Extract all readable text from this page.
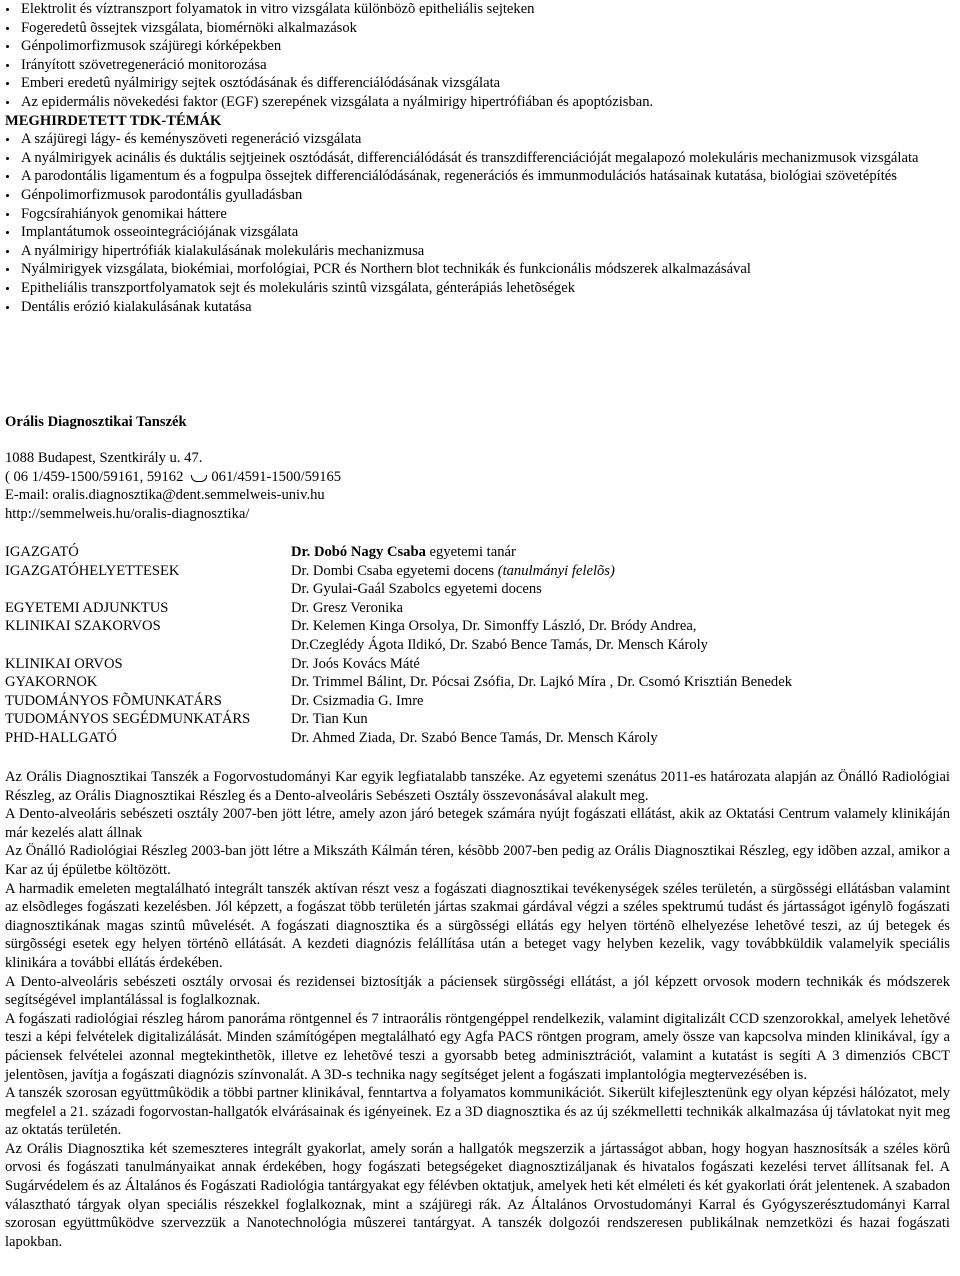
Elektrolit és víztranszport folyamatok in vitro vizsgálata különbözõ epitheliális sejteken
Fogeredetû õssejtek vizsgálata, biomérnöki alkalmazások
Génpolimorfizmusok szájüregi kórképekben
Irányított szövetregeneráció monitorozása
Emberi eredetû nyálmirigy sejtek osztódásának és differenciálódásának vizsgálata
Az epidermális növekedési faktor (EGF) szerepének vizsgálata a nyálmirigy hipertrófiában és apoptózisban.
MEGHIRDETETT TDK-TÉMÁK
A szájüregi lágy- és keményszöveti regeneráció vizsgálata
A nyálmirigyek acinális és duktális sejtjeinek osztódását, differenciálódását és transzdifferenciációját megalapozó molekuláris mechanizmusok vizsgálata
A parodontális ligamentum és a fogpulpa õssejtek differenciálódásának, regenerációs és immunmodulációs hatásainak kutatása, biológiai szövetépítés
Génpolimorfizmusok parodontális gyulladásban
Fogcsírahiányok genomikai háttere
Implantátumok osseointegrációjának vizsgálata
A nyálmirigy hipertrófiák kialakulásának molekuláris mechanizmusa
Nyálmirigyek vizsgálata, biokémiai, morfológiai, PCR és Northern blot technikák és funkcionális módszerek alkalmazásával
Epitheliális transzportfolyamatok sejt és molekuláris szintû vizsgálata, génterápiás lehetõségek
Dentális erózió kialakulásának kutatása
Orális Diagnosztikai Tanszék
1088 Budapest, Szentkirály u. 47.
( 06 1/459-1500/59161, 59162 061/4591-1500/59165
E-mail: oralis.diagnosztika@dent.semmelweis-univ.hu
http://semmelweis.hu/oralis-diagnosztika/
IGAZGATÓ	Dr. Dobó Nagy Csaba egyetemi tanár
IGAZGATÓHELYETTESEK	Dr. Dombi Csaba egyetemi docens (tanulmányi felelõs)
Dr. Gyulai-Gaál Szabolcs egyetemi docens
EGYETEMI ADJUNKTUS	Dr. Gresz Veronika
KLINIKAI SZAKORVOS	Dr. Kelemen Kinga Orsolya, Dr. Simonffy László, Dr. Bródy Andrea,
Dr.Czeglédy Ágota Ildikó, Dr. Szabó Bence Tamás, Dr. Mensch Károly
KLINIKAI ORVOS	Dr. Joós Kovács Máté
GYAKORNOK	Dr. Trimmel Bálint, Dr. Pócsai Zsófia, Dr. Lajkó Míra , Dr. Csomó Krisztián Benedek
TUDOMÁNYOS FÕMUNKATÁRS	Dr. Csizmadia G. Imre
TUDOMÁNYOS SEGÉDMUNKATÁRS	Dr. Tian Kun
PHD-HALLGATÓ	Dr. Ahmed Ziada, Dr. Szabó Bence Tamás, Dr. Mensch Károly

Az Orális Diagnosztikai Tanszék a Fogorvostudományi Kar egyik legfiatalabb tanszéke. Az egyetemi szenátus 2011-es határozata alapján az Önálló Radiológiai Részleg, az Orális Diagnosztikai Részleg és a Dento-alveoláris Sebészeti Osztály összevonásával alakult meg.

A Dento-alveoláris sebészeti osztály 2007-ben jött létre, amely azon járó betegek számára nyújt fogászati ellátást, akik az Oktatási Centrum valamely klinikáján már kezelés alatt állnak

Az Önálló Radiológiai Részleg 2003-ban jött létre a Mikszáth Kálmán téren, késõbb 2007-ben pedig az Orális Diagnosztikai Részleg, egy idõben azzal, amikor a Kar az új épületbe költözött.

A harmadik emeleten megtalálható integrált tanszék aktívan részt vesz a fogászati diagnosztikai tevékenységek széles területén, a sürgõsségi ellátásban valamint az elsõdleges fogászati kezelésben. Jól képzett, a fogászat több területén jártas szakmai gárdával végzi a széles spektrumú tudást és jártasságot igénylõ fogászati diagnosztikának magas szintû mûvelését. A fogászati diagnosztika és a sürgõsségi ellátás egy helyen történõ elhelyezése lehetõvé teszi, az új betegek és sürgõsségi esetek egy helyen történõ ellátását. A kezdeti diagnózis felállítása után a beteget vagy helyben kezelik, vagy továbbküldik valamelyik speciális klinikára a további ellátás érdekében.

A Dento-alveoláris sebészeti osztály orvosai és rezidensei biztosítják a páciensek sürgõsségi ellátást, a jól képzett orvosok modern technikák és módszerek segítségével implantálással is foglalkoznak.

A fogászati radiológiai részleg három panoráma röntgennel és 7 intraorális röntgengéppel rendelkezik, valamint digitalizált CCD szenzorokkal, amelyek lehetõvé teszi a képi felvételek digitalizálását. Minden számítógépen megtalálható egy Agfa PACS röntgen program, amely össze van kapcsolva minden klinikával, így a páciensek felvételei azonnal megtekinthetõk, illetve ez lehetõvé teszi a gyorsabb beteg adminisztrációt, valamint a kutatást is segíti A 3 dimenziós CBCT jelentõsen, javítja a fogászati diagnózis színvonalát. A 3D-s technika nagy segítséget jelent a fogászati implantológia megtervezésében is.

A tanszék szorosan együttmûködik a többi partner klinikával, fenntartva a folyamatos kommunikációt. Sikerült kifejlesztenünk egy olyan képzési hálózatot, mely megfelel a 21. századi fogorvostan-hallgatók elvárásainak és igényeinek. Ez a 3D diagnosztika és az új székmelletti technikák alkalmazása új távlatokat nyit meg az oktatás területén.

Az Orális Diagnosztika két szemeszteres integrált gyakorlat, amely során a hallgatók megszerzik a jártasságot abban, hogy hogyan hasznosítsák a széles körû orvosi és fogászati tanulmányaikat annak érdekében, hogy fogászati betegségeket diagnosztizáljanak és hivatalos fogászati kezelési tervet állítsanak fel. A Sugárvédelem és az Általános és Fogászati Radiológia tantárgyakat egy félévben oktatjuk, amelyek heti két elméleti és két gyakorlati órát jelentenek. A szabadon választható tárgyak olyan speciális részekkel foglalkoznak, mint a szájüregi rák. Az Általános Orvostudományi Karral és Gyógyszerésztudományi Karral szorosan együttmûködve szervezzük a Nanotechnológia mûszerei tantárgyat. A tanszék dolgozói rendszeresen publikálnak nemzetközi és hazai fogászati lapokban.
